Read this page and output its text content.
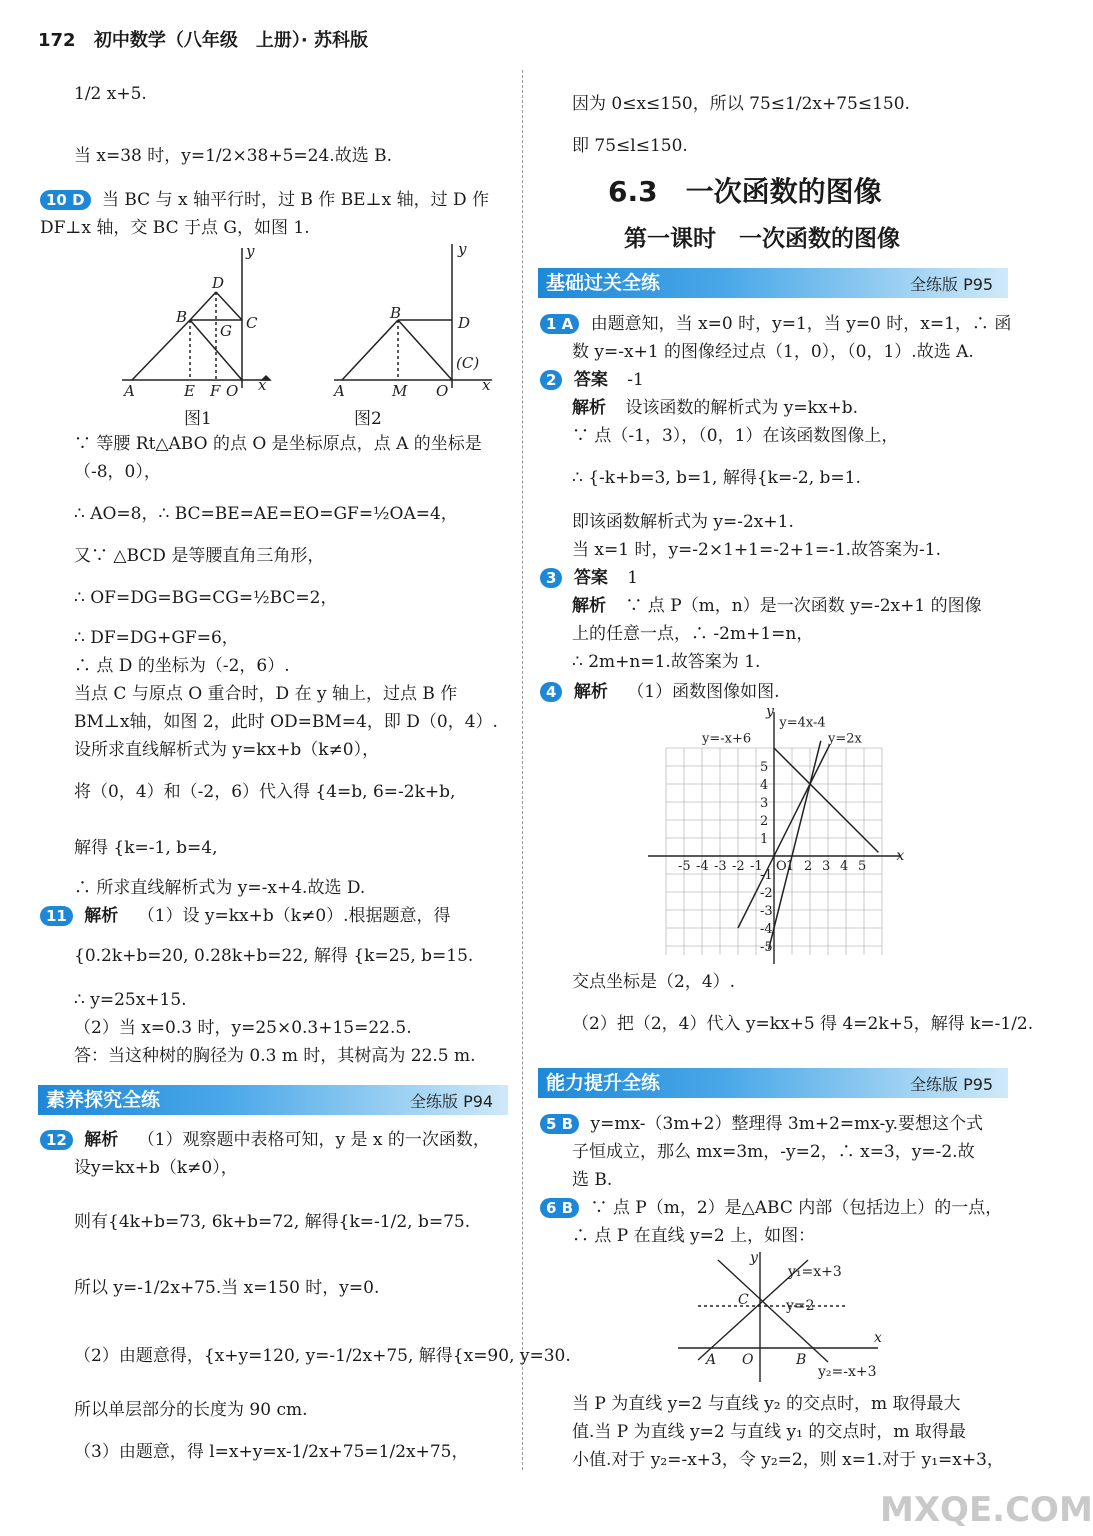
172 初中数学（八年级　上册）· 苏科版
1/2 x+5.
当 x=38 时，y=1/2×38+5=24.故选 B.
10 D 当 BC 与 x 轴平行时，过 B 作 BE⊥x 轴，过 D 作
DF⊥x 轴，交 BC 于点 G，如图 1.
A	E F O x
y
B
D
C
G
A	M O x
y
B
D
(C)
图1	图2
∵ 等腰 Rt△ABO 的点 O 是坐标原点，点 A 的坐标是
（-8，0），
∴ AO=8，∴ BC=BE=AE=EO=GF=½OA=4，
又∵ △BCD 是等腰直角三角形，
∴ OF=DG=BG=CG=½BC=2，
∴ DF=DG+GF=6，
∴ 点 D 的坐标为（-2，6）.
当点 C 与原点 O 重合时，D 在 y 轴上，过点 B 作
BM⊥x轴，如图 2，此时 OD=BM=4，即 D（0，4）.
设所求直线解析式为 y=kx+b（k≠0），
将（0，4）和（-2，6）代入得 {4=b, 6=-2k+b,
解得 {k=-1, b=4,
∴ 所求直线解析式为 y=-x+4.故选 D.
11 解析 （1）设 y=kx+b（k≠0）.根据题意，得
{0.2k+b=20, 0.28k+b=22, 解得 {k=25, b=15.
∴ y=25x+15.
（2）当 x=0.3 时，y=25×0.3+15=22.5.
答：当这种树的胸径为 0.3 m 时，其树高为 22.5 m.
素养探究全练	全练版 P94
12 解析 （1）观察题中表格可知，y 是 x 的一次函数，
设y=kx+b（k≠0），
则有{4k+b=73, 6k+b=72, 解得{k=-1/2, b=75.
所以 y=-1/2x+75.当 x=150 时，y=0.
（2）由题意得，{x+y=120, y=-1/2x+75, 解得{x=90, y=30.
所以单层部分的长度为 90 cm.
（3）由题意，得 l=x+y=x-1/2x+75=1/2x+75，
因为 0≤x≤150，所以 75≤1/2x+75≤150.
即 75≤l≤150.
6.3　一次函数的图像
第一课时　一次函数的图像
基础过关全练	全练版 P95
1 A 由题意知，当 x=0 时，y=1，当 y=0 时，x=1，∴ 函
数 y=-x+1 的图像经过点（1，0），（0，1）.故选 A.
2 答案 -1
解析 设该函数的解析式为 y=kx+b.
∵ 点（-1，3），（0，1）在该函数图像上，
∴ {-k+b=3, b=1, 解得{k=-2, b=1.
即该函数解析式为 y=-2x+1.
当 x=1 时，y=-2×1+1=-2+1=-1.故答案为-1.
3 答案 1
解析 ∵ 点 P（m，n）是一次函数 y=-2x+1 的图像
上的任意一点，∴ -2m+1=n，
∴ 2m+n=1.故答案为 1.
4 解析 （1）函数图像如图.
-5
-5
-4
-4
-3
-3
-2
-2
-1
-1
1
1
2
2
3
3
4
4
5
5
O
x
y
y=-x+6
y=4x-4
y=2x
交点坐标是（2，4）.
（2）把（2，4）代入 y=kx+5 得 4=2k+5，解得 k=-1/2.
能力提升全练	全练版 P95
5 B y=mx-（3m+2）整理得 3m+2=mx-y.要想这个式
子恒成立，那么 mx=3m，-y=2，∴ x=3，y=-2.故
选 B.
6 B ∵ 点 P（m，2）是△ABC 内部（包括边上）的一点，
∴ 点 P 在直线 y=2 上，如图：
y
x
A O	B
C
y₁=x+3
y=2
y₂=-x+3
当 P 为直线 y=2 与直线 y₂ 的交点时，m 取得最大
值.当 P 为直线 y=2 与直线 y₁ 的交点时，m 取得最
小值.对于 y₂=-x+3，令 y₂=2，则 x=1.对于 y₁=x+3，
MXQE.COM
